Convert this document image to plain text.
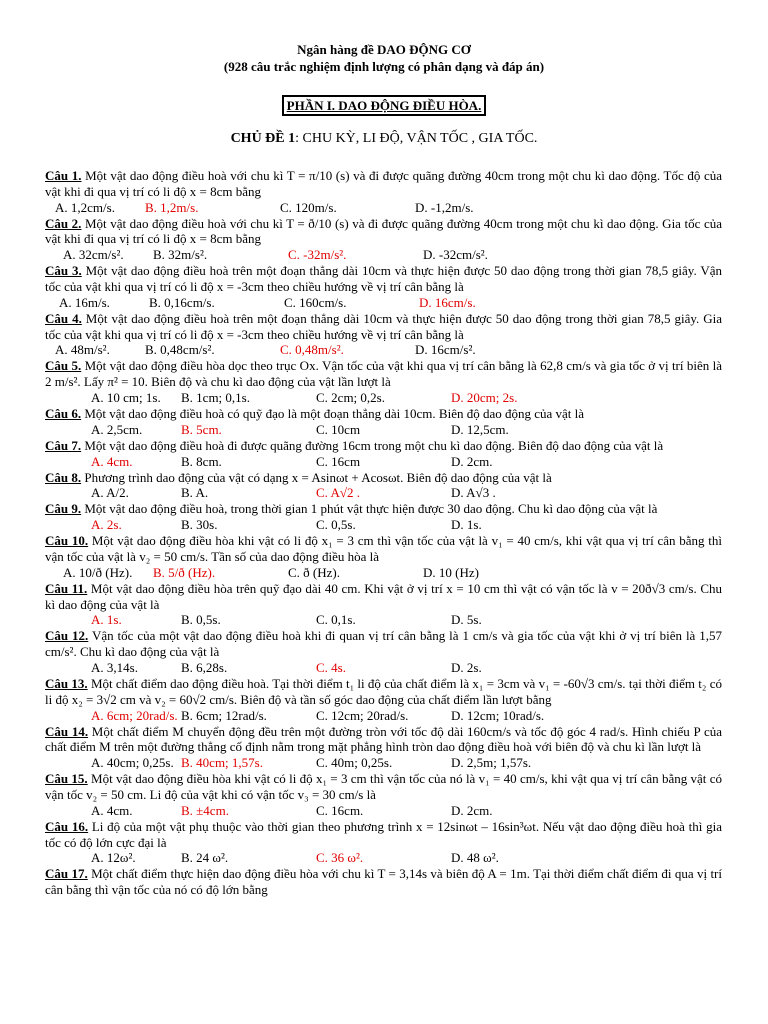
Ngân hàng đề DAO ĐỘNG CƠ
(928 câu trắc nghiệm định lượng có phân dạng và đáp án)
PHẦN I. DAO ĐỘNG ĐIỀU HÒA.
CHỦ ĐỀ 1: CHU KỲ, LI ĐỘ, VẬN TỐC , GIA TỐC.

Câu 1. Một vật dao động điều hoà với chu kì T = π/10 (s) và đi được quãng đường 40cm trong một chu kì dao động. Tốc độ của vật khi đi qua vị trí có li độ x = 8cm bằng

A. 1,2cm/s. B. 1,2m/s.	C. 120m/s.	D. -1,2m/s.

Câu 2. Một vật dao động điều hoà với chu kì T = ð/10 (s) và đi được quãng đường 40cm trong một chu kì dao động. Gia tốc của vật khi đi qua vị trí có li độ x = 8cm bằng

A. 32cm/s². B. 32m/s².	C. -32m/s².	D. -32cm/s².

Câu 3. Một vật dao động điều hoà trên một đoạn thẳng dài 10cm và thực hiện được 50 dao động trong thời gian 78,5 giây. Vận tốc của vật khi qua vị trí có li độ x = -3cm theo chiều hướng về vị trí cân bằng là

A. 16m/s.	B. 0,16cm/s.	C. 160cm/s.	D. 16cm/s.

Câu 4. Một vật dao động điều hoà trên một đoạn thẳng dài 10cm và thực hiện được 50 dao động trong thời gian 78,5 giây. Gia tốc của vật khi qua vị trí có li độ x = -3cm theo chiều hướng về vị trí cân bằng là

A. 48m/s².	B. 0,48cm/s².	C. 0,48m/s².	D. 16cm/s².

Câu 5. Một vật dao động điều hòa dọc theo trục Ox. Vận tốc của vật khi qua vị trí cân bằng là 62,8 cm/s và gia tốc ở vị trí biên là 2 m/s². Lấy π² = 10. Biên độ và chu kì dao động của vật lần lượt là

A. 10 cm; 1s. B. 1cm; 0,1s.	C. 2cm; 0,2s.	D. 20cm; 2s.

Câu 6. Một vật dao động điều hoà có quỹ đạo là một đoạn thẳng dài 10cm. Biên độ dao động của vật là

A. 2,5cm.	B. 5cm.	C. 10cm	D. 12,5cm.

Câu 7. Một vật dao động điều hoà đi được quãng đường 16cm trong một chu kì dao động. Biên độ dao động của vật là

A. 4cm.	B. 8cm.	C. 16cm	D. 2cm.

Câu 8. Phương trình dao động của vật có dạng x = Asinωt + Acosωt. Biên độ dao động của vật là

A. A/2.	B. A.	C. A√2 .	D. A√3 .

Câu 9. Một vật dao động điều hoà, trong thời gian 1 phút vật thực hiện được 30 dao động. Chu kì dao động của vật là

A. 2s.	B. 30s.	C. 0,5s.	D. 1s.

Câu 10. Một vật dao động điều hòa khi vật có li độ x₁ = 3 cm thì vận tốc của vật là v₁ = 40 cm/s, khi vật qua vị trí cân bằng thì vận tốc của vật là v₂ = 50 cm/s. Tần số của dao động điều hòa là

A. 10/ð (Hz). B. 5/ð (Hz).	C. ð (Hz).	D. 10 (Hz)

Câu 11. Một vật dao động điều hòa trên quỹ đạo dài 40 cm. Khi vật ở vị trí x = 10 cm thì vật có vận tốc là v = 20ð√3 cm/s. Chu kì dao động của vật là

A. 1s.	B. 0,5s.	C. 0,1s.	D. 5s.

Câu 12. Vận tốc của một vật dao động điều hoà khi đi quan vị trí cân bằng là 1 cm/s và gia tốc của vật khi ở vị trí biên là 1,57 cm/s². Chu kì dao động của vật là

A. 3,14s.	B. 6,28s.	C. 4s.	D. 2s.

Câu 13. Một chất điểm dao động điều hoà. Tại thời điểm t₁ li độ của chất điểm là x₁ = 3cm và v₁ = -60√3 cm/s. tại thời điểm t₂ có li độ x₂ = 3√2 cm và v₂ = 60√2 cm/s. Biên độ và tần số góc dao động của chất điểm lần lượt bằng

A. 6cm; 20rad/s. B. 6cm; 12rad/s.	C. 12cm; 20rad/s.	D. 12cm; 10rad/s.

Câu 14. Một chất điểm M chuyển động đều trên một đường tròn với tốc độ dài 160cm/s và tốc độ góc 4 rad/s. Hình chiếu P của chất điểm M trên một đường thẳng cố định nằm trong mặt phẳng hình tròn dao động điều hoà với biên độ và chu kì lần lượt là

A. 40cm; 0,25s. B. 40cm; 1,57s.	C. 40m; 0,25s.	D. 2,5m; 1,57s.

Câu 15. Một vật dao động điều hòa khi vật có li độ x₁ = 3 cm thì vận tốc của nó là v₁ = 40 cm/s, khi vật qua vị trí cân bằng vật có vận tốc v₂ = 50 cm. Li độ của vật khi có vận tốc v₃ = 30 cm/s là

A. 4cm.	B. ±4cm.	C. 16cm.	D. 2cm.

Câu 16. Li độ của một vật phụ thuộc vào thời gian theo phương trình x = 12sinωt – 16sin³ωt. Nếu vật dao động điều hoà thì gia tốc có độ lớn cực đại là

A. 12ω².	B. 24 ω².	C. 36 ω².	D. 48 ω².

Câu 17. Một chất điểm thực hiện dao động điều hòa với chu kì T = 3,14s và biên độ A = 1m. Tại thời điểm chất điểm đi qua vị trí cân bằng thì vận tốc của nó có độ lớn bằng
